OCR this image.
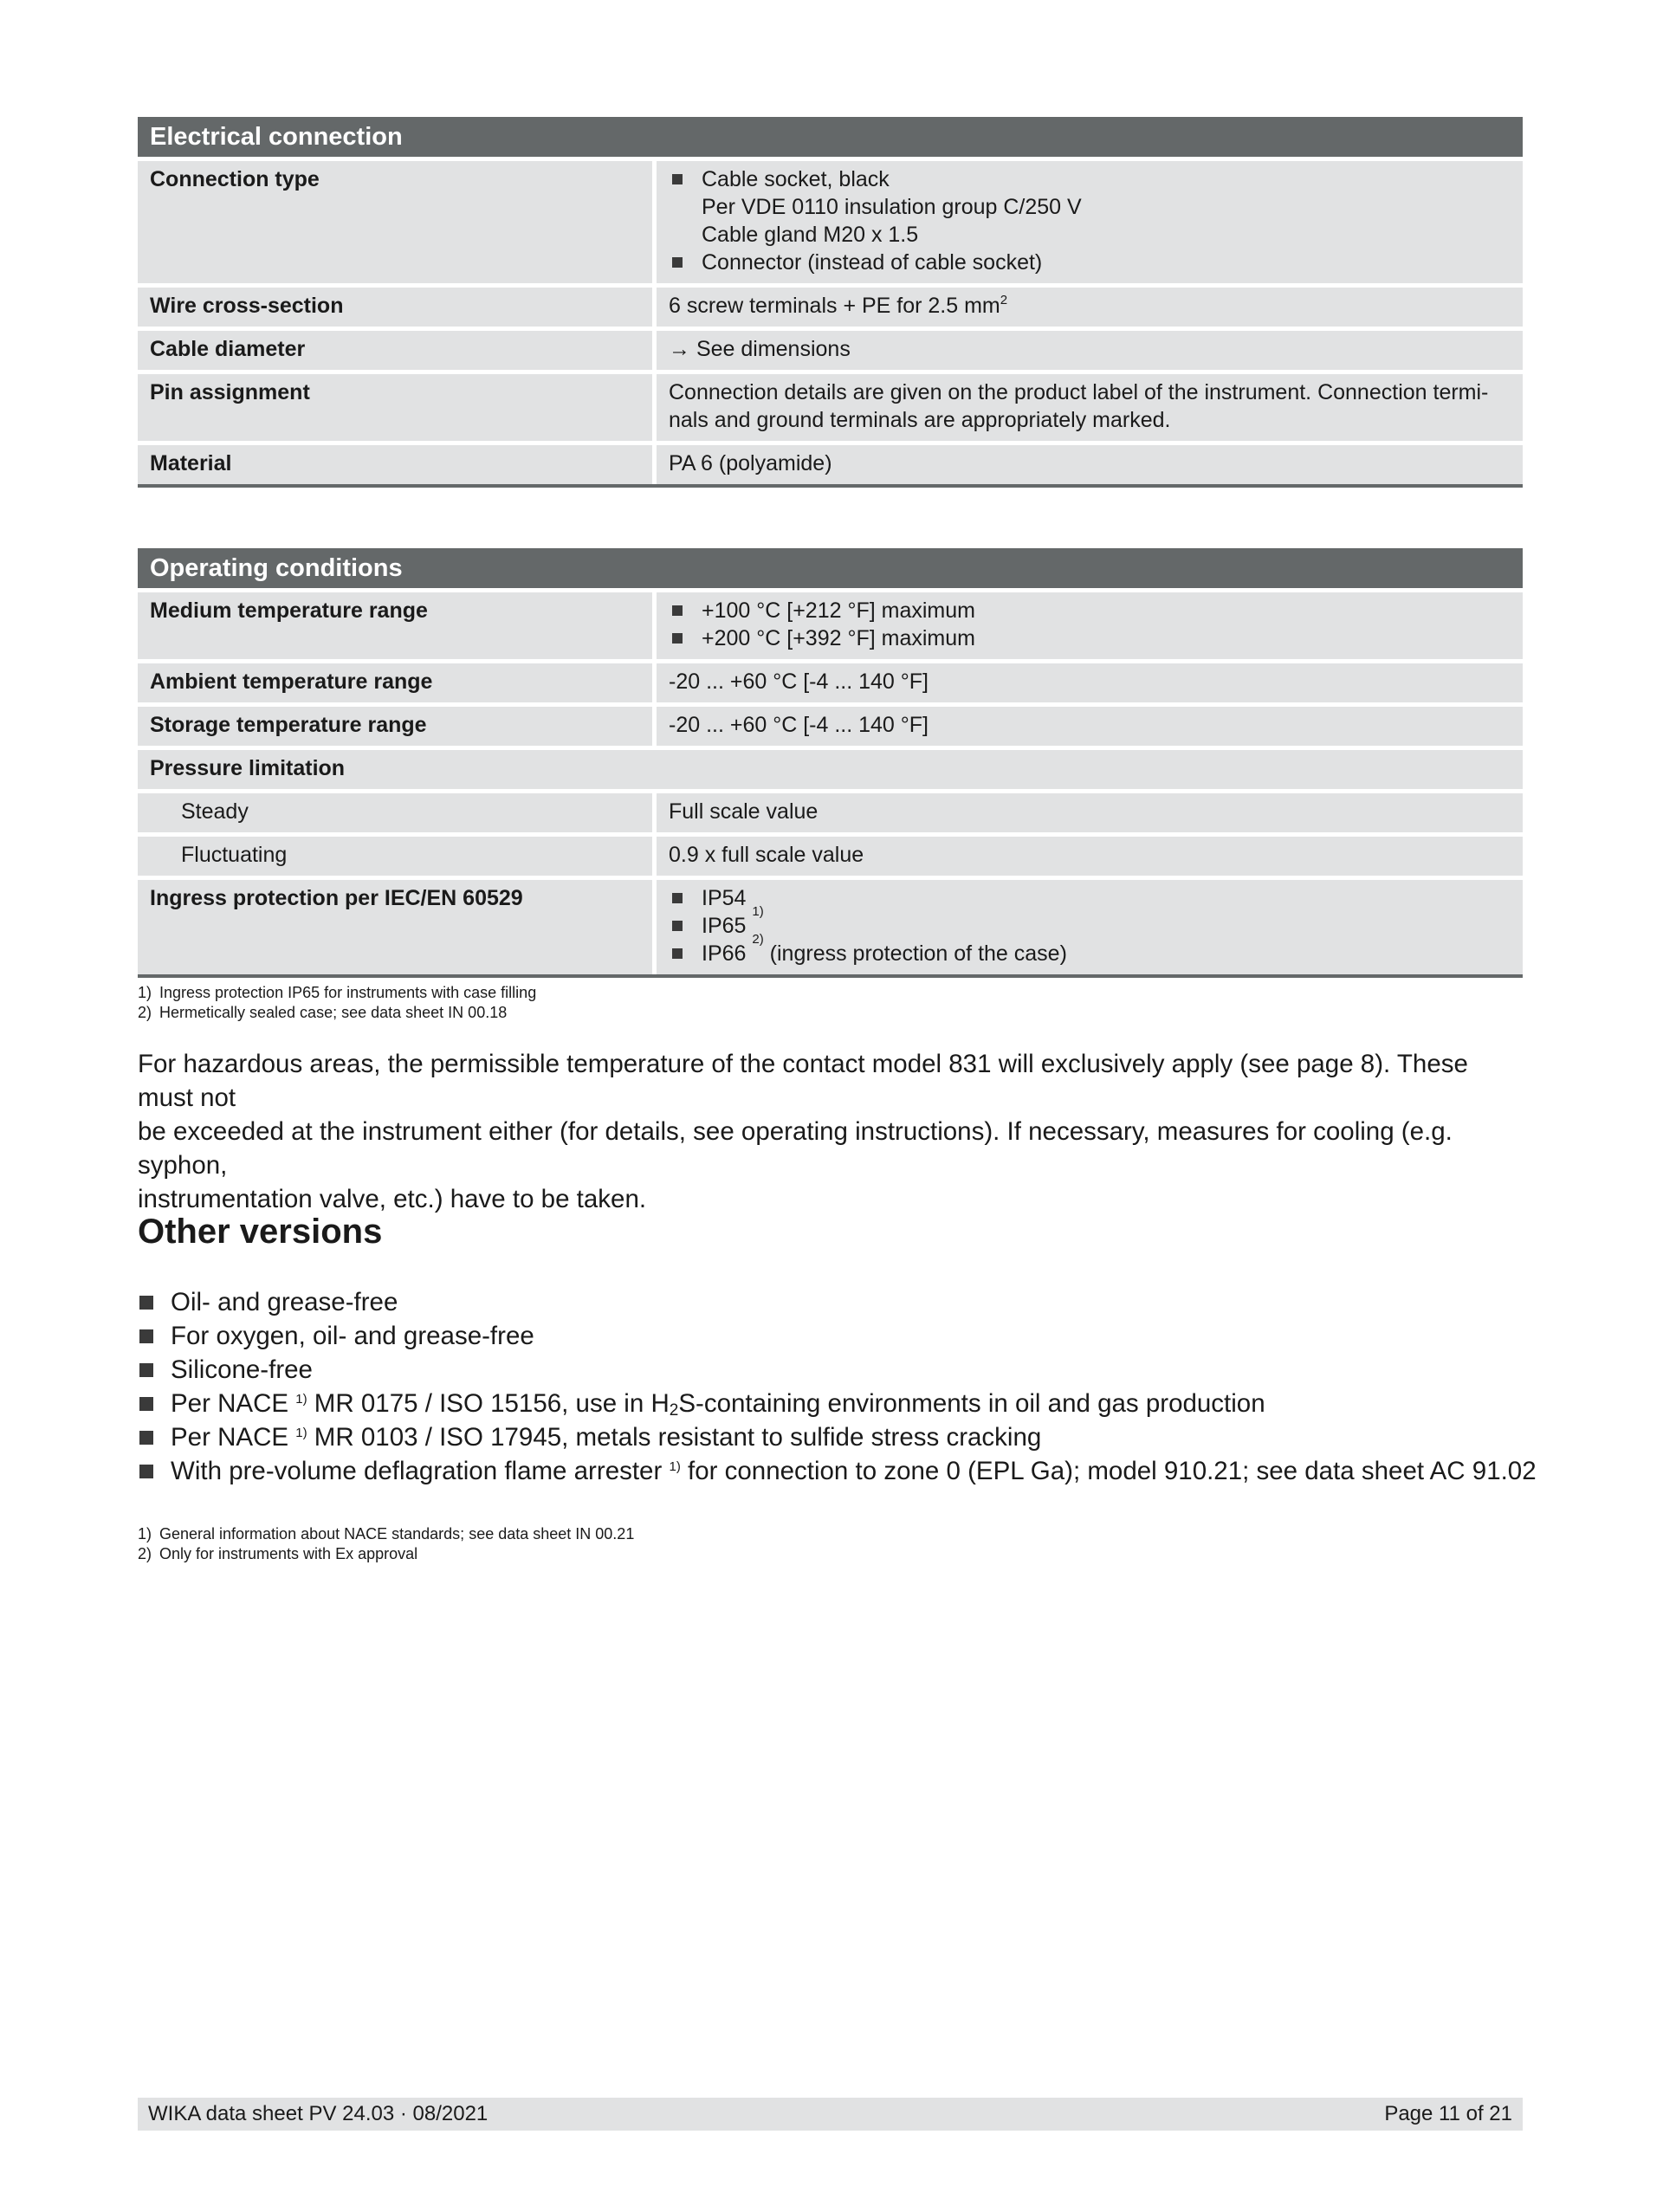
Electrical connection
Connection type	Cable socket, black
Per VDE 0110 insulation group C/250 V
Cable gland M20 x 1.5
Connector (instead of cable socket)
Wire cross-section	6 screw terminals + PE for 2.5 $mm^2$
Cable diameter	→ See dimensions
Pin assignment	Connection details are given on the product label of the instrument. Connection termi-
nals and ground terminals are appropriately marked.
Material	PA 6 (polyamide)
Operating conditions
Medium temperature range	+100 °C [+212 °F] maximum
+200 °C [+392 °F] maximum
Ambient temperature range	-20 ... +60 °C [-4 ... 140 °F]
Storage temperature range	-20 ... +60 °C [-4 ... 140 °F]
Pressure limitation
Steady	Full scale value
Fluctuating	0.9 x full scale value
Ingress protection per IEC/EN 60529	IP54
IP65

1)
IP66

2)
(ingress protection of the case)
1) Ingress protection IP65 for instruments with case filling
2) Hermetically sealed case; see data sheet IN 00.18
For hazardous areas, the permissible temperature of the contact model 831 will exclusively apply (see page 8). These must not
be exceeded at the instrument either (for details, see operating instructions). If necessary, measures for cooling (e.g. syphon,
instrumentation valve, etc.) have to be taken.
Other versions
Oil- and grease-free
For oxygen, oil- and grease-free
Silicone-free
Per NACE $^{1)}$ MR 0175 / ISO 15156, use in $H_2S$-containing environments in oil and gas production
Per NACE $^{1)}$ MR 0103 / ISO 17945, metals resistant to sulfide stress cracking
With pre-volume deflagration flame arrester $^{1)}$ for connection to zone 0 (EPL Ga); model 910.21; see data sheet AC 91.02
1) General information about NACE standards; see data sheet IN 00.21
2) Only for instruments with Ex approval
WIKA data sheet PV 24.03 · 08/2021	Page 11 of 21
